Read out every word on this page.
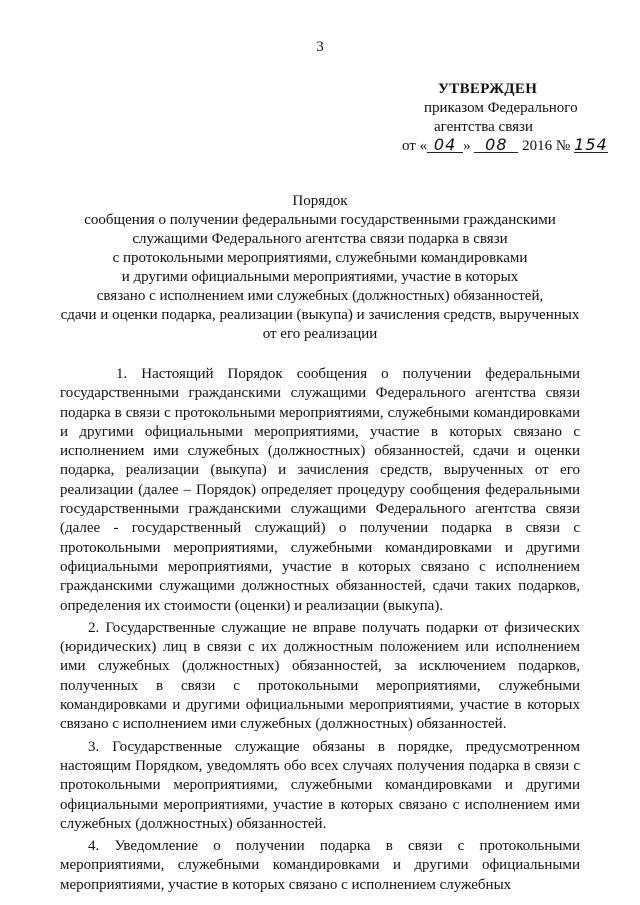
3
УТВЕРЖДЕН
приказом Федерального
агентства связи
от « 04 » 08 2016 № 154
Порядок
сообщения о получении федеральными государственными гражданскими
служащими Федерального агентства связи подарка в связи
с протокольными мероприятиями, служебными командировками
и другими официальными мероприятиями, участие в которых
связано с исполнением ими служебных (должностных) обязанностей,
сдачи и оценки подарка, реализации (выкупа) и зачисления средств, вырученных
от его реализации

1. Настоящий Порядок сообщения о получении федеральными государственными гражданскими служащими Федерального агентства связи подарка в связи с протокольными мероприятиями, служебными командировками и другими официальными мероприятиями, участие в которых связано с исполнением ими служебных (должностных) обязанностей, сдачи и оценки подарка, реализации (выкупа) и зачисления средств, вырученных от его реализации (далее – Порядок) определяет процедуру сообщения федеральными государственными гражданскими служащими Федерального агентства связи (далее - государственный служащий) о получении подарка в связи с протокольными мероприятиями, служебными командировками и другими официальными мероприятиями, участие в которых связано с исполнением гражданскими служащими должностных обязанностей, сдачи таких подарков, определения их стоимости (оценки) и реализации (выкупа).

2. Государственные служащие не вправе получать подарки от физических (юридических) лиц в связи с их должностным положением или исполнением ими служебных (должностных) обязанностей, за исключением подарков, полученных в связи с протокольными мероприятиями, служебными командировками и другими официальными мероприятиями, участие в которых связано с исполнением ими служебных (должностных) обязанностей.

3. Государственные служащие обязаны в порядке, предусмотренном настоящим Порядком, уведомлять обо всех случаях получения подарка в связи с протокольными мероприятиями, служебными командировками и другими официальными мероприятиями, участие в которых связано с исполнением ими служебных (должностных) обязанностей.

4. Уведомление о получении подарка в связи с протокольными мероприятиями, служебными командировками и другими официальными мероприятиями, участие в которых связано с исполнением служебных
